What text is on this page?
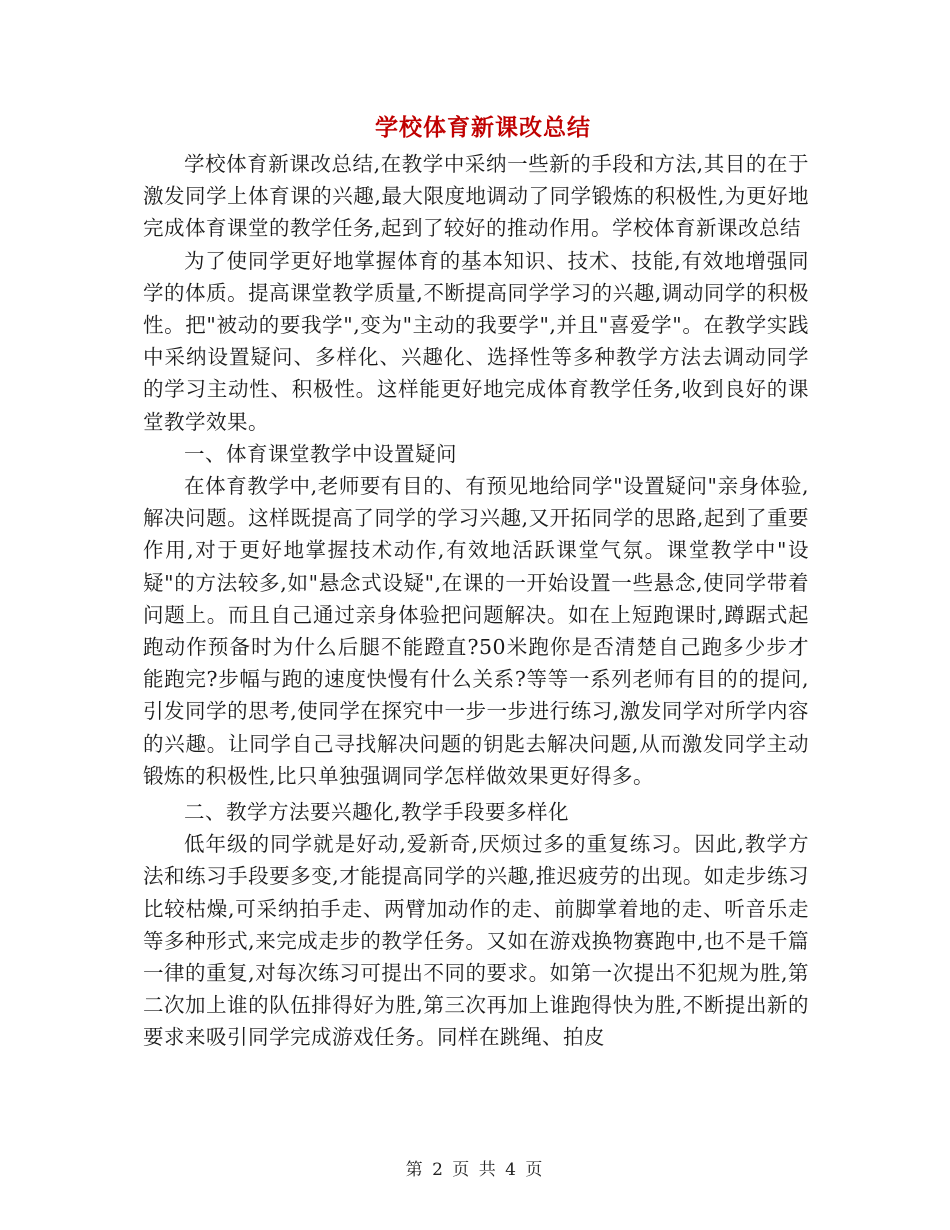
学校体育新课改总结

学校体育新课改总结,在教学中采纳一些新的手段和方法,其目的在于激发同学上体育课的兴趣,最大限度地调动了同学锻炼的积极性,为更好地完成体育课堂的教学任务,起到了较好的推动作用。学校体育新课改总结

为了使同学更好地掌握体育的基本知识、技术、技能,有效地增强同学的体质。提高课堂教学质量,不断提高同学学习的兴趣,调动同学的积极性。把"被动的要我学",变为"主动的我要学",并且"喜爱学"。在教学实践中采纳设置疑问、多样化、兴趣化、选择性等多种教学方法去调动同学的学习主动性、积极性。这样能更好地完成体育教学任务,收到良好的课堂教学效果。

一、体育课堂教学中设置疑问

在体育教学中,老师要有目的、有预见地给同学"设置疑问"亲身体验,解决问题。这样既提高了同学的学习兴趣,又开拓同学的思路,起到了重要作用,对于更好地掌握技术动作,有效地活跃课堂气氛。课堂教学中"设疑"的方法较多,如"悬念式设疑",在课的一开始设置一些悬念,使同学带着问题上。而且自己通过亲身体验把问题解决。如在上短跑课时,蹲踞式起跑动作预备时为什么后腿不能蹬直?50米跑你是否清楚自己跑多少步才能跑完?步幅与跑的速度快慢有什么关系?等等一系列老师有目的的提问,引发同学的思考,使同学在探究中一步一步进行练习,激发同学对所学内容的兴趣。让同学自己寻找解决问题的钥匙去解决问题,从而激发同学主动锻炼的积极性,比只单独强调同学怎样做效果更好得多。

二、教学方法要兴趣化,教学手段要多样化

低年级的同学就是好动,爱新奇,厌烦过多的重复练习。因此,教学方法和练习手段要多变,才能提高同学的兴趣,推迟疲劳的出现。如走步练习比较枯燥,可采纳拍手走、两臂加动作的走、前脚掌着地的走、听音乐走等多种形式,来完成走步的教学任务。又如在游戏换物赛跑中,也不是千篇一律的重复,对每次练习可提出不同的要求。如第一次提出不犯规为胜,第二次加上谁的队伍排得好为胜,第三次再加上谁跑得快为胜,不断提出新的要求来吸引同学完成游戏任务。同样在跳绳、拍皮

第 2 页 共 4 页
